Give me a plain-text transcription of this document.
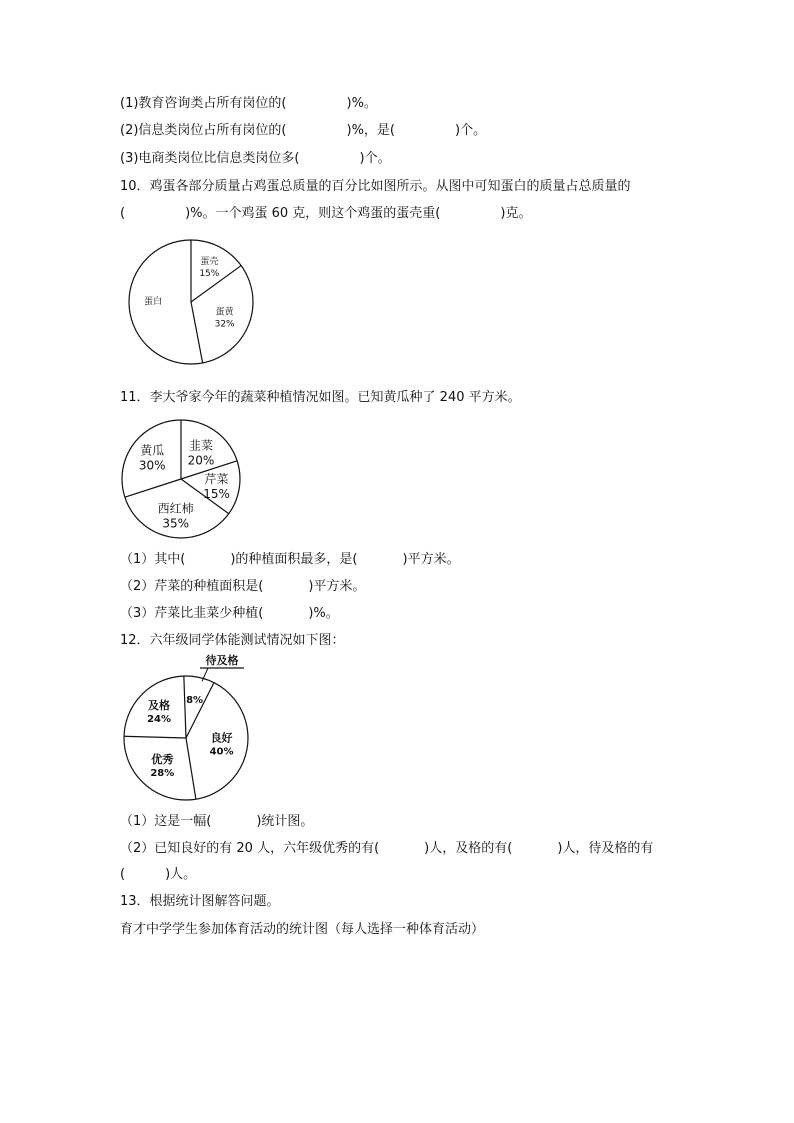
(1)教育咨询类占所有岗位的(	)%。
(2)信息类岗位占所有岗位的(	)%，是(	)个。
(3)电商类岗位比信息类岗位多(	)个。
10．鸡蛋各部分质量占鸡蛋总质量的百分比如图所示。从图中可知蛋白的质量占总质量的
(	)%。一个鸡蛋 60 克，则这个鸡蛋的蛋壳重(	)克。
蛋壳
15%
蛋黄
32%
蛋白
11．李大爷家今年的蔬菜种植情况如图。已知黄瓜种了 240 平方米。
韭菜
20%
芹菜
15%
西红柿
35%
黄瓜
30%
（1）其中(	)的种植面积最多，是(	)平方米。
（2）芹菜的种植面积是(	)平方米。
（3）芹菜比韭菜少种植(	)%。
12．六年级同学体能测试情况如下图：
8%
待及格
良好
40%
优秀
28%
及格
24%
（1）这是一幅(	)统计图。
（2）已知良好的有 20 人，六年级优秀的有(	)人，及格的有(	)人，待及格的有
(	)人。
13．根据统计图解答问题。
育才中学学生参加体育活动的统计图（每人选择一种体育活动）
